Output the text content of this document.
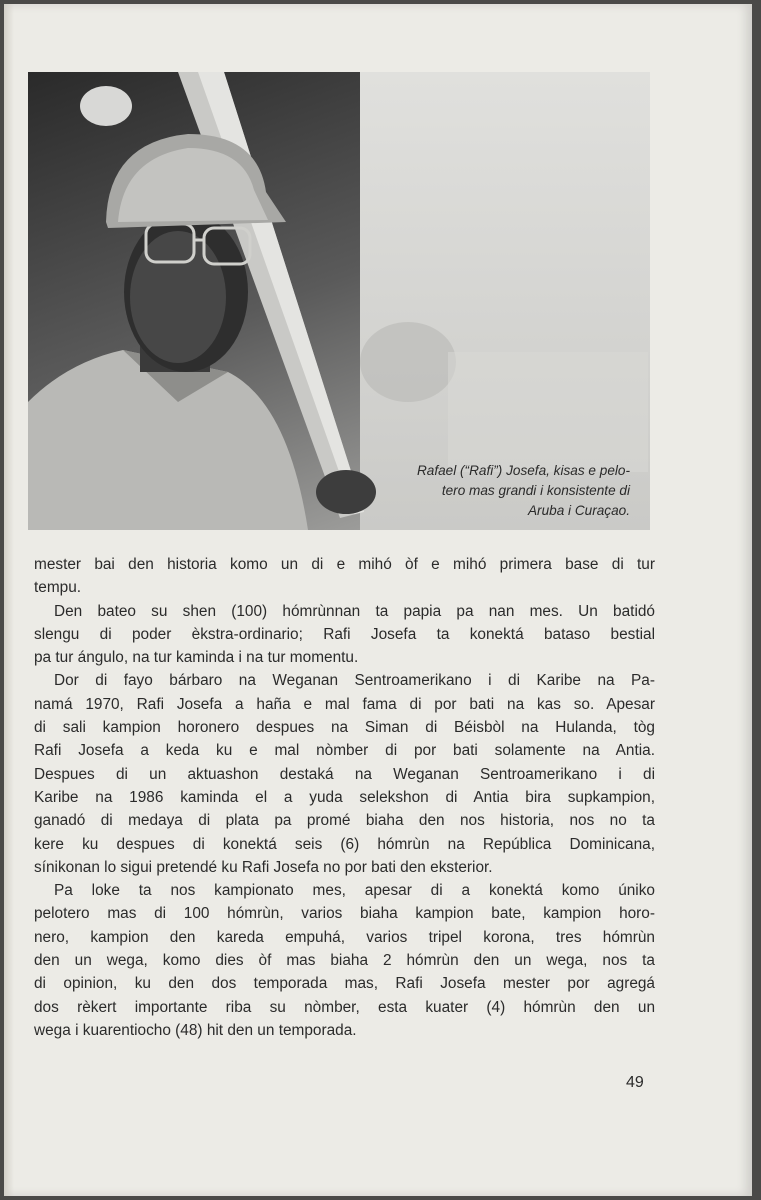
Rafael (“Rafi”) Josefa, kisas e pelo-
tero mas grandi i konsistente di
Aruba i Curaçao.
mester bai den historia komo un di e mihó òf e mihó primera base di tur
tempu.
Den bateo su shen (100) hómrùnnan ta papia pa nan mes. Un batidó
slengu di poder èkstra-ordinario; Rafi Josefa ta konektá bataso bestial
pa tur ángulo, na tur kaminda i na tur momentu.
Dor di fayo bárbaro na Weganan Sentroamerikano i di Karibe na Pa-
namá 1970, Rafi Josefa a haña e mal fama di por bati na kas so. Apesar
di sali kampion horonero despues na Siman di Béisbòl na Hulanda, tòg
Rafi Josefa a keda ku e mal nòmber di por bati solamente na Antia.
Despues di un aktuashon destaká na Weganan Sentroamerikano i di
Karibe na 1986 kaminda el a yuda selekshon di Antia bira supkampion,
ganadó di medaya di plata pa promé biaha den nos historia, nos no ta
kere ku despues di konektá seis (6) hómrùn na República Dominicana,
sínikonan lo sigui pretendé ku Rafi Josefa no por bati den eksterior.
Pa loke ta nos kampionato mes, apesar di a konektá komo úniko
pelotero mas di 100 hómrùn, varios biaha kampion bate, kampion horo-
nero, kampion den kareda empuhá, varios tripel korona, tres hómrùn
den un wega, komo dies òf mas biaha 2 hómrùn den un wega, nos ta
di opinion, ku den dos temporada mas, Rafi Josefa mester por agregá
dos rèkert importante riba su nòmber, esta kuater (4) hómrùn den un
wega i kuarentiocho (48) hit den un temporada.
49
